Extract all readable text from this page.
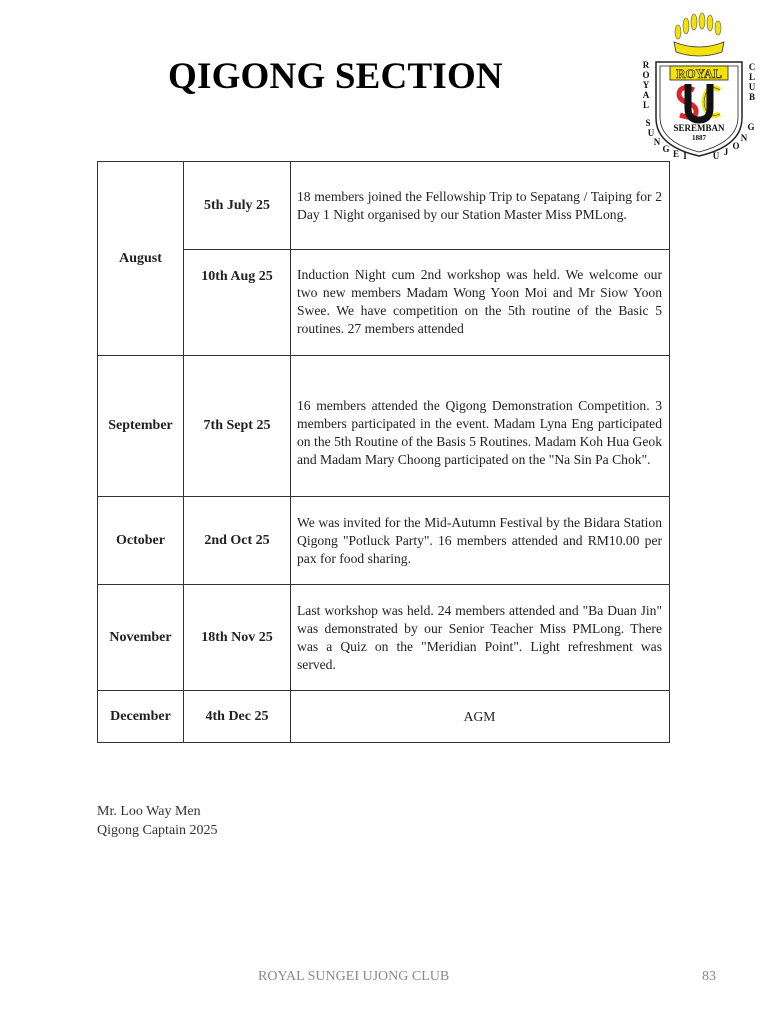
QIGONG SECTION	ROYAL
SEREMBAN
1887
R
O
Y
A
L
C
L
U
B
S
U
N
G E I	U J
O
N
G
August	5th July 25	18 members joined the Fellowship Trip to Sepatang / Taiping for 2 Day 1 Night organised by our Station Master Miss PMLong.
	10th Aug 25	Induction Night cum 2nd workshop was held. We welcome our two new members Madam Wong Yoon Moi and Mr Siow Yoon Swee. We have competition on the 5th routine of the Basic 5 routines. 27 members attended
September	7th Sept 25	16 members attended the Qigong Demonstration Competition. 3 members participated in the event. Madam Lyna Eng participated on the 5th Routine of the Basis 5 Routines. Madam Koh Hua Geok and Madam Mary Choong participated on the "Na Sin Pa Chok".
October	2nd Oct 25	We was invited for the Mid-Autumn Festival by the Bidara Station Qigong "Potluck Party". 16 members attended and RM10.00 per pax for food sharing.
November	18th Nov 25	Last workshop was held. 24 members attended and "Ba Duan Jin" was demonstrated by our Senior Teacher Miss PMLong. There was a Quiz on the "Meridian Point". Light refreshment was served.
December	4th Dec 25	AGM
Mr. Loo Way Men
Qigong Captain 2025
ROYAL SUNGEI UJONG CLUB	83
